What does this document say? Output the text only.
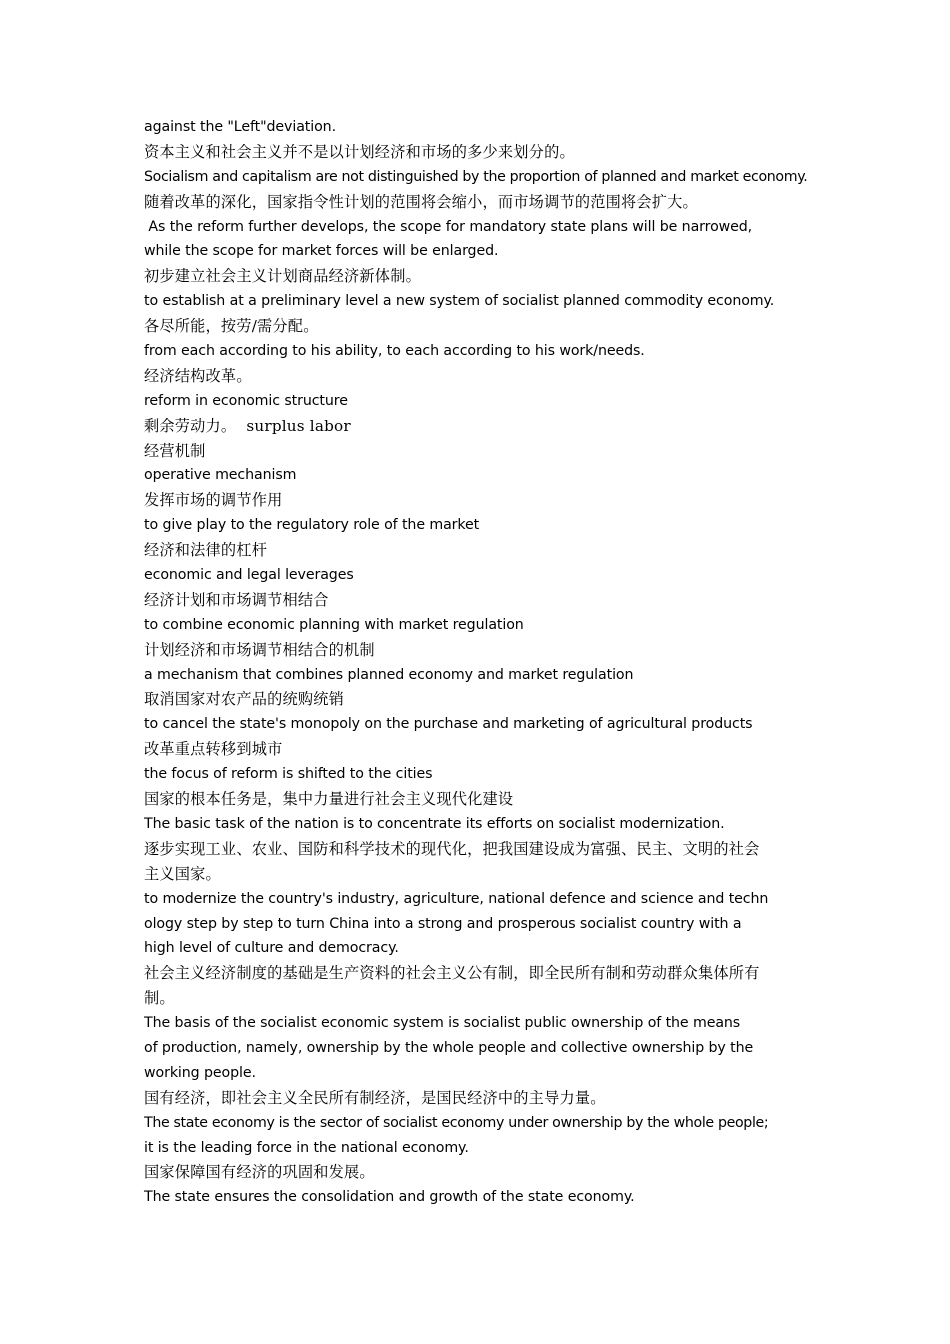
against the "Left"deviation.
资本主义和社会主义并不是以计划经济和市场的多少来划分的。
Socialism and capitalism are not distinguished by the proportion of planned and market economy.
随着改革的深化，国家指令性计划的范围将会缩小，而市场调节的范围将会扩大。
As the reform further develops, the scope for mandatory state plans will be narrowed,
while the scope for market forces will be enlarged.
初步建立社会主义计划商品经济新体制。
to establish at a preliminary level a new system of socialist planned commodity economy.
各尽所能，按劳/需分配。
from each according to his ability, to each according to his work/needs.
经济结构改革。
reform in economic structure
剩余劳动力。  surplus labor
经营机制
operative mechanism
发挥市场的调节作用
to give play to the regulatory role of the market
经济和法律的杠杆
economic and legal leverages
经济计划和市场调节相结合
to combine economic planning with market regulation
计划经济和市场调节相结合的机制
a mechanism that combines planned economy and market regulation
取消国家对农产品的统购统销
to cancel the state's monopoly on the purchase and marketing of agricultural products
改革重点转移到城市
the focus of reform is shifted to the cities
国家的根本任务是，集中力量进行社会主义现代化建设
The basic task of the nation is to concentrate its efforts on socialist modernization.
逐步实现工业、农业、国防和科学技术的现代化，把我国建设成为富强、民主、文明的社会
主义国家。
to modernize the country's industry, agriculture, national defence and science and techn
ology step by step to turn China into a strong and prosperous socialist country with a
high level of culture and democracy.
社会主义经济制度的基础是生产资料的社会主义公有制，即全民所有制和劳动群众集体所有
制。
The basis of the socialist economic system is socialist public ownership of the means
of production, namely, ownership by the whole people and collective ownership by the
working people.
国有经济，即社会主义全民所有制经济，是国民经济中的主导力量。
The state economy is the sector of socialist economy under ownership by the whole people;
it is the leading force in the national economy.
国家保障国有经济的巩固和发展。
The state ensures the consolidation and growth of the state economy.
